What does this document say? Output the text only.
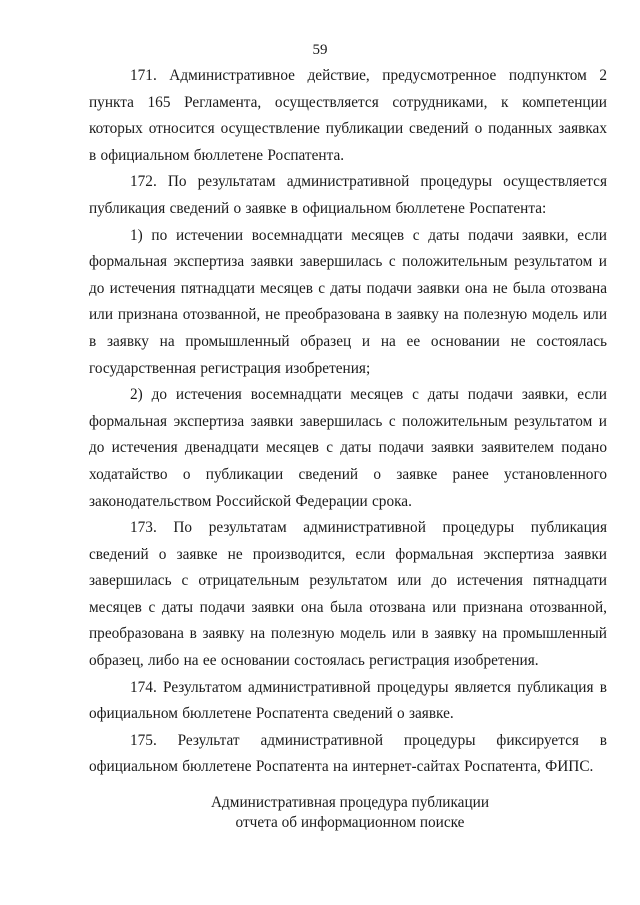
59

171. Административное действие, предусмотренное подпунктом 2 пункта 165 Регламента, осуществляется сотрудниками, к компетенции которых относится осуществление публикации сведений о поданных заявках в официальном бюллетене Роспатента.

172. По результатам административной процедуры осуществляется публикация сведений о заявке в официальном бюллетене Роспатента:

1) по истечении восемнадцати месяцев с даты подачи заявки, если формальная экспертиза заявки завершилась с положительным результатом и до истечения пятнадцати месяцев с даты подачи заявки она не была отозвана или признана отозванной, не преобразована в заявку на полезную модель или в заявку на промышленный образец и на ее основании не состоялась государственная регистрация изобретения;

2) до истечения восемнадцати месяцев с даты подачи заявки, если формальная экспертиза заявки завершилась с положительным результатом и до истечения двенадцати месяцев с даты подачи заявки заявителем подано ходатайство о публикации сведений о заявке ранее установленного законодательством Российской Федерации срока.

173. По результатам административной процедуры публикация сведений о заявке не производится, если формальная экспертиза заявки завершилась с отрицательным результатом или до истечения пятнадцати месяцев с даты подачи заявки она была отозвана или признана отозванной, преобразована в заявку на полезную модель или в заявку на промышленный образец, либо на ее основании состоялась регистрация изобретения.

174. Результатом административной процедуры является публикация в официальном бюллетене Роспатента сведений о заявке.

175. Результат административной процедуры фиксируется в официальном бюллетене Роспатента на интернет-сайтах Роспатента, ФИПС.

Административная процедура публикации
отчета об информационном поиске
